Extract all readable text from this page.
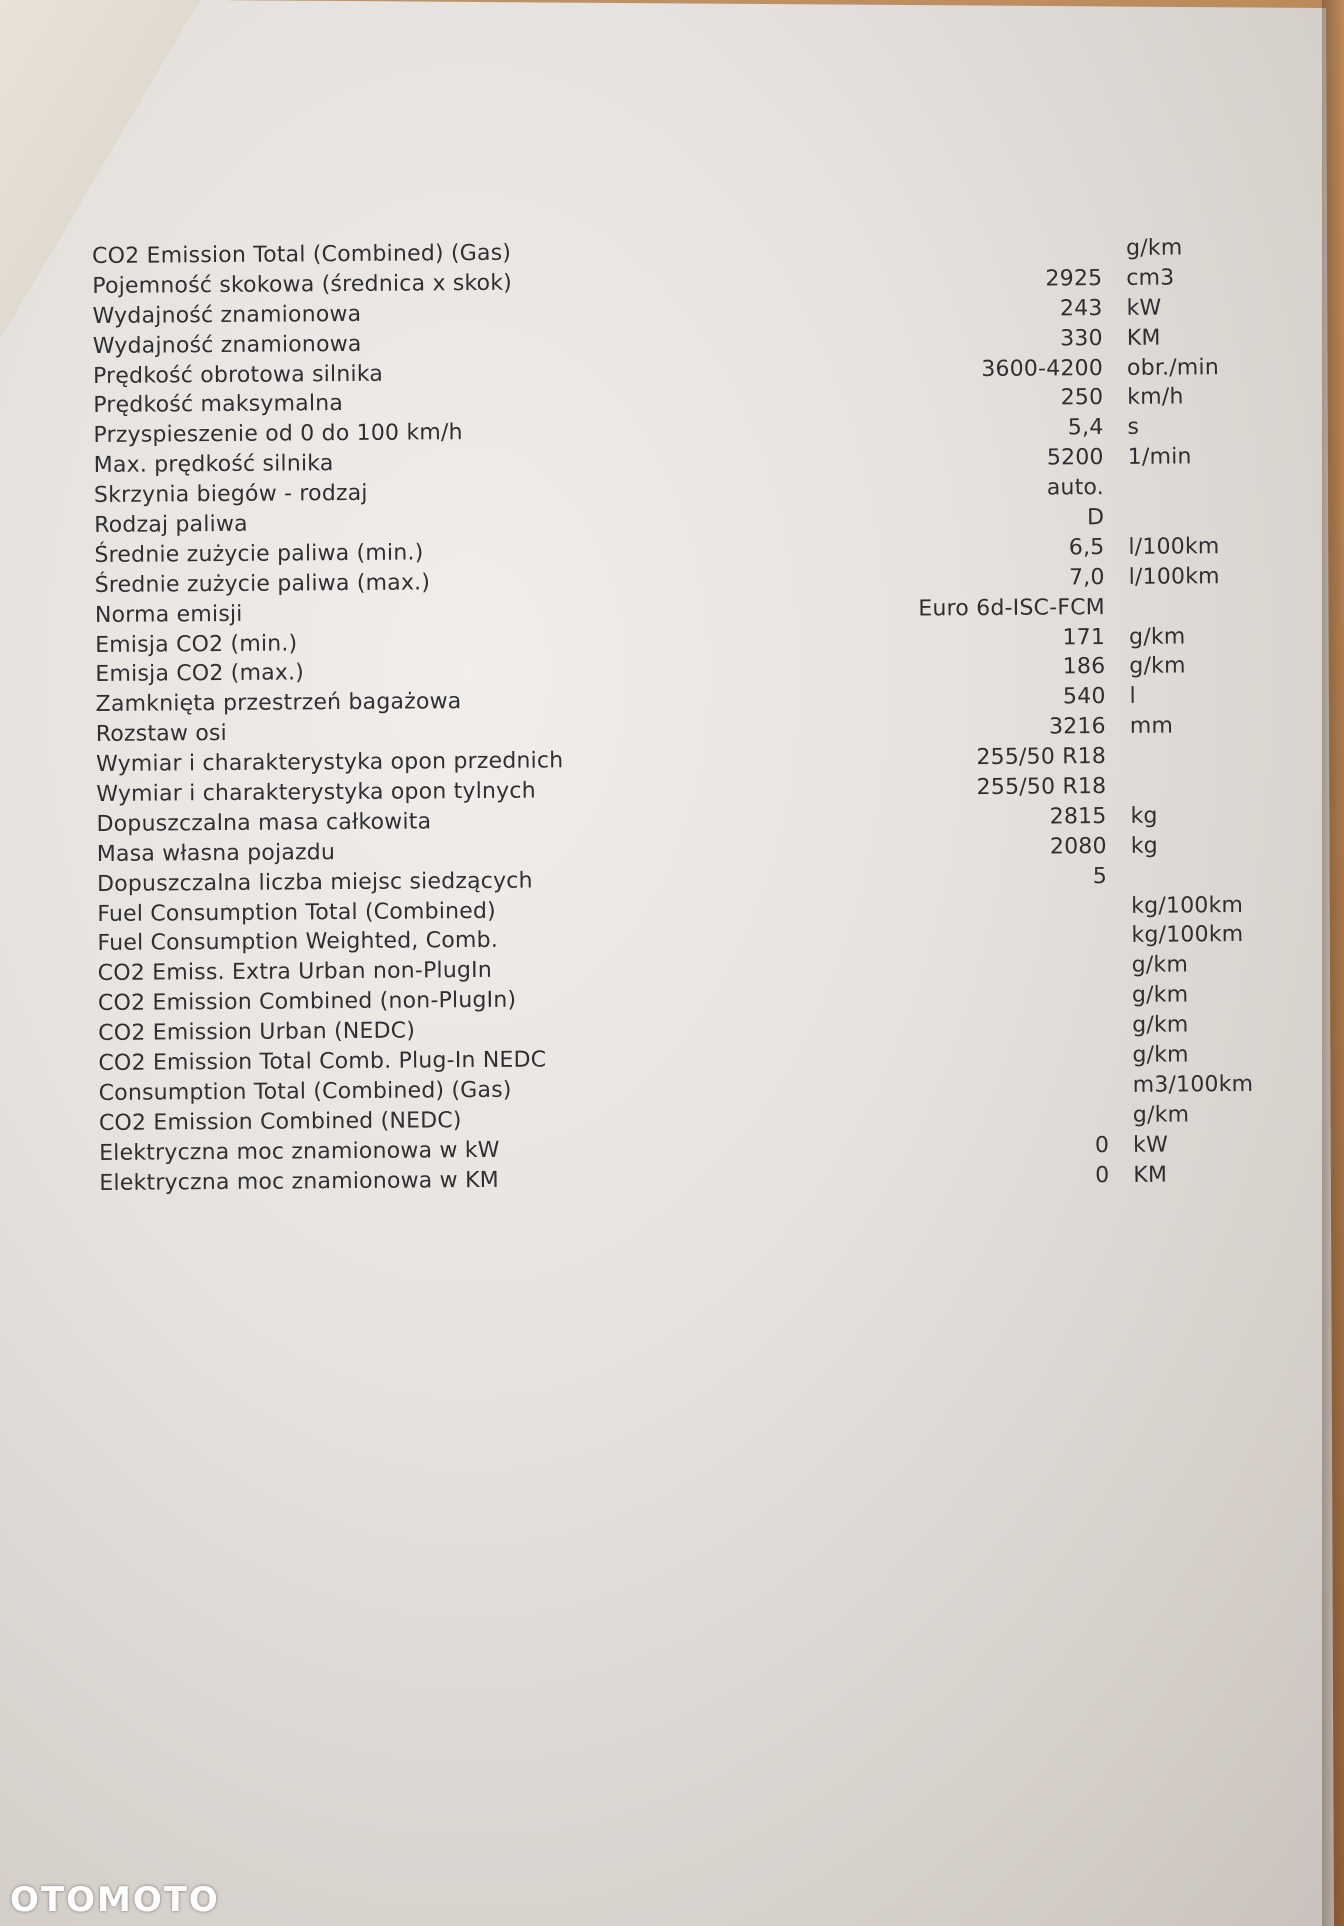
CO2 Emission Total (Combined) (Gas)	g/km
Pojemność skokowa (średnica x skok)	2925 cm3
Wydajność znamionowa	243 kW
Wydajność znamionowa	330 KM
Prędkość obrotowa silnika	3600-4200 obr./min
Prędkość maksymalna	250 km/h
Przyspieszenie od 0 do 100 km/h	5,4 s
Max. prędkość silnika	5200 1/min
Skrzynia biegów - rodzaj	auto.
Rodzaj paliwa	D
Średnie zużycie paliwa (min.)	6,5 l/100km
Średnie zużycie paliwa (max.)	7,0 l/100km
Norma emisji	Euro 6d-ISC-FCM
Emisja CO2 (min.)	171 g/km
Emisja CO2 (max.)	186 g/km
Zamknięta przestrzeń bagażowa	540 l
Rozstaw osi	3216 mm
Wymiar i charakterystyka opon przednich	255/50 R18
Wymiar i charakterystyka opon tylnych	255/50 R18
Dopuszczalna masa całkowita	2815 kg
Masa własna pojazdu	2080 kg
Dopuszczalna liczba miejsc siedzących	5
Fuel Consumption Total (Combined)	kg/100km
Fuel Consumption Weighted, Comb.	kg/100km
CO2 Emiss. Extra Urban non-PlugIn	g/km
CO2 Emission Combined (non-PlugIn)	g/km
CO2 Emission Urban (NEDC)	g/km
CO2 Emission Total Comb. Plug-In NEDC	g/km
Consumption Total (Combined) (Gas)	m3/100km
CO2 Emission Combined (NEDC)	g/km
Elektryczna moc znamionowa w kW	0 kW
Elektryczna moc znamionowa w KM	0 KM
OTOMOTO
